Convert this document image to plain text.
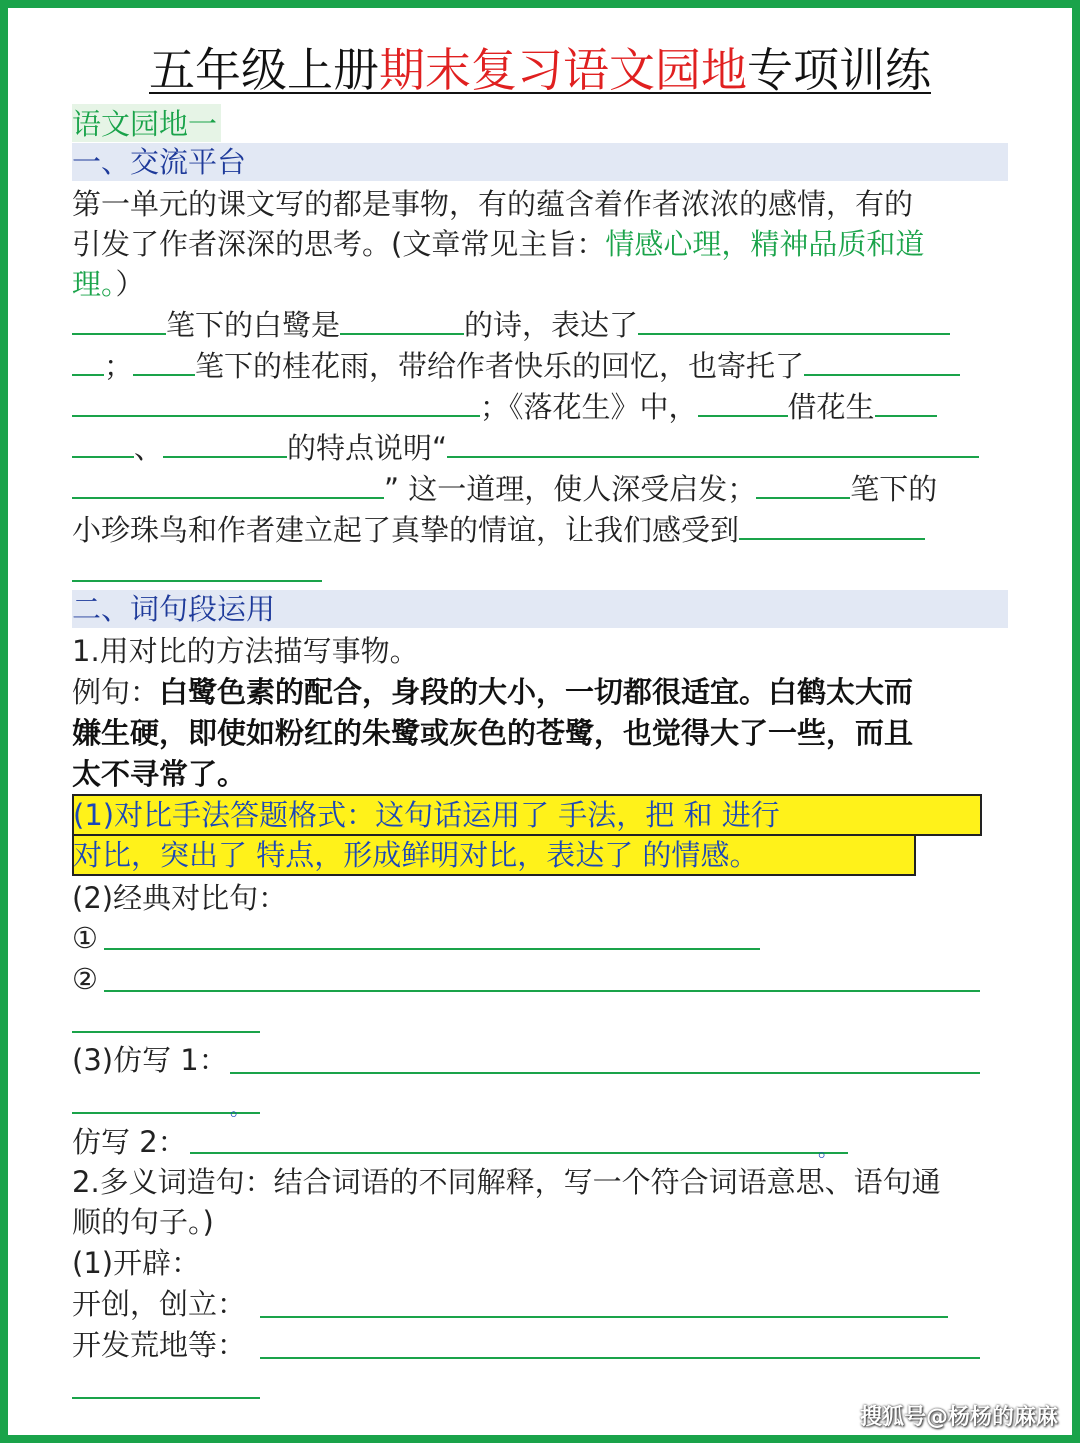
五年级上册期末复习语文园地专项训练
语文园地一
一、交流平台
第一单元的课文写的都是事物，有的蕴含着作者浓浓的感情，有的
引发了作者深深的思考。(文章常见主旨：情感心理，精神品质和道
理。）
笔下的白鹭是	的诗，表达了
； 笔下的桂花雨，带给作者快乐的回忆，也寄托了
；《落花生》中，	借花生
、	的特点说明“
” 这一道理，使人深受启发；	笔下的
小珍珠鸟和作者建立起了真挚的情谊，让我们感受到
二、词句段运用
1.用对比的方法描写事物。
例句：白鹭色素的配合，身段的大小，一切都很适宜。白鹤太大而
嫌生硬，即使如粉红的朱鹭或灰色的苍鹭，也觉得大了一些，而且
太不寻常了。
(1)对比手法答题格式：这句话运用了 手法，把 和 进行
对比，突出了 特点，形成鲜明对比，表达了 的情感。
(2)经典对比句：
①
②
(3)仿写 1：
。
仿写 2：	。
2.多义词造句：结合词语的不同解释，写一个符合词语意思、语句通
顺的句子。)
(1)开辟：
开创，创立：
开发荒地等：
搜狐号@杨杨的麻麻
